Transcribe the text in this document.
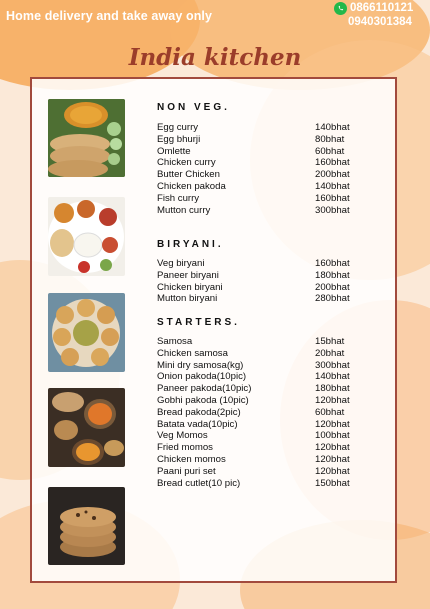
Home delivery and take away only
0866110121
0940301384
India kitchen
NON VEG.
BIRYANI.
STARTERS.
Egg curry	140bhat
Egg bhurji	80bhat
Omlette	60bhat
Chicken curry	160bhat
Butter Chicken	200bhat
Chicken pakoda	140bhat
Fish curry	160bhat
Mutton curry	300bhat
Veg biryani	160bhat
Paneer biryani	180bhat
Chicken biryani	200bhat
Mutton biryani	280bhat
Samosa	15bhat
Chicken samosa	20bhat
Mini dry samosa(kg)	300bhat
Onion pakoda(10pic)	140bhat
Paneer pakoda(10pic)	180bhat
Gobhi pakoda (10pic)	120bhat
Bread pakoda(2pic)	60bhat
Batata vada(10pic)	120bhat
Veg Momos	100bhat
Fried momos	120bhat
Chicken momos	120bhat
Paani puri set	120bhat
Bread cutlet(10 pic)	150bhat
